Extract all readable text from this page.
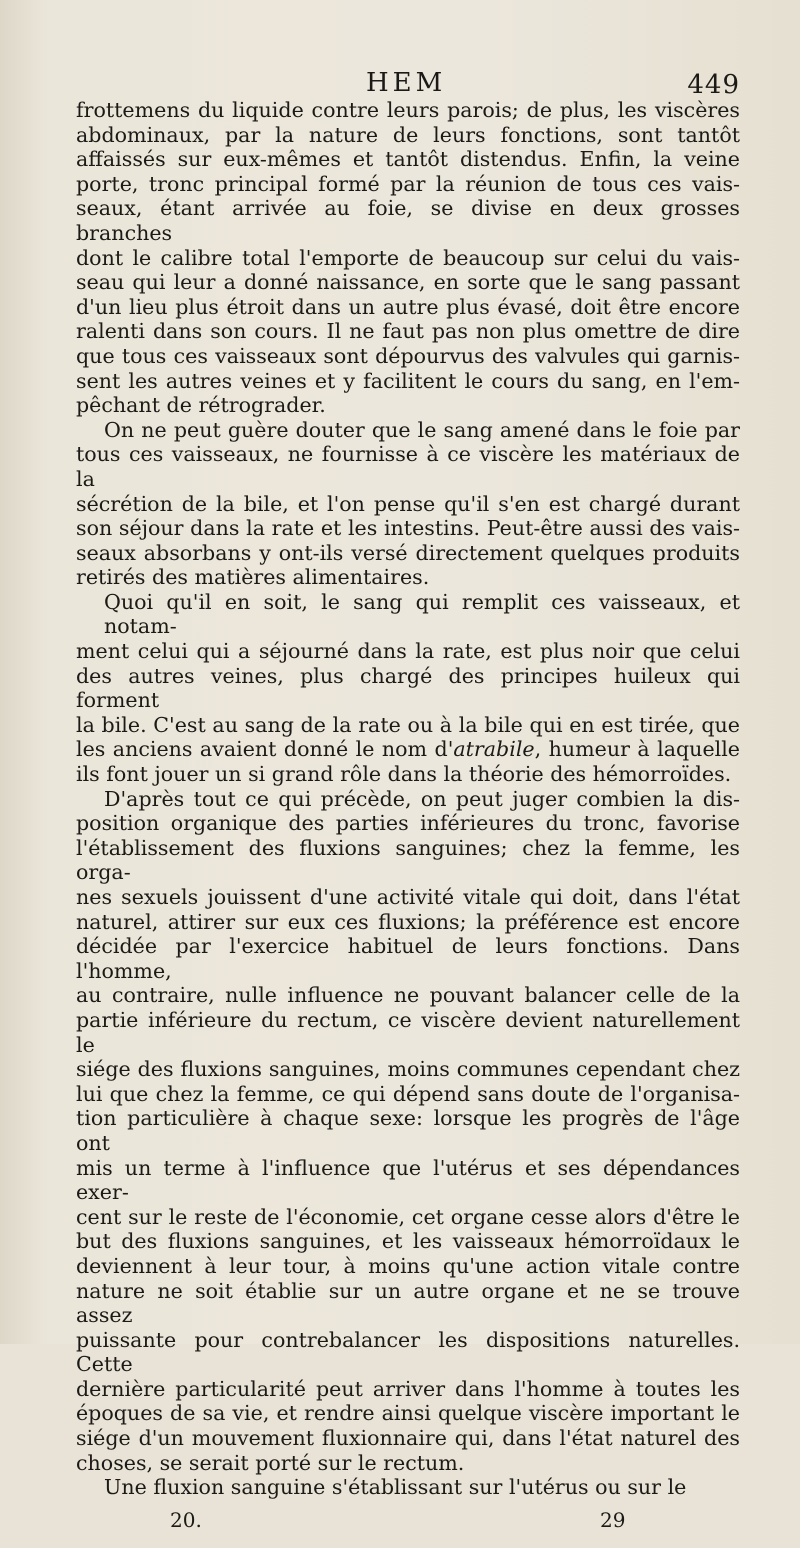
HEM	449
frottemens du liquide contre leurs parois; de plus, les viscères
abdominaux, par la nature de leurs fonctions, sont tantôt
affaissés sur eux-mêmes et tantôt distendus. Enfin, la veine
porte, tronc principal formé par la réunion de tous ces vais-
seaux, étant arrivée au foie, se divise en deux grosses branches
dont le calibre total l'emporte de beaucoup sur celui du vais-
seau qui leur a donné naissance, en sorte que le sang passant
d'un lieu plus étroit dans un autre plus évasé, doit être encore
ralenti dans son cours. Il ne faut pas non plus omettre de dire
que tous ces vaisseaux sont dépourvus des valvules qui garnis-
sent les autres veines et y facilitent le cours du sang, en l'em-
pêchant de rétrograder.
On ne peut guère douter que le sang amené dans le foie par
tous ces vaisseaux, ne fournisse à ce viscère les matériaux de la
sécrétion de la bile, et l'on pense qu'il s'en est chargé durant
son séjour dans la rate et les intestins. Peut-être aussi des vais-
seaux absorbans y ont-ils versé directement quelques produits
retirés des matières alimentaires.
Quoi qu'il en soit, le sang qui remplit ces vaisseaux, et notam-
ment celui qui a séjourné dans la rate, est plus noir que celui
des autres veines, plus chargé des principes huileux qui forment
la bile. C'est au sang de la rate ou à la bile qui en est tirée, que
les anciens avaient donné le nom d'atrabile, humeur à laquelle
ils font jouer un si grand rôle dans la théorie des hémorroïdes.
D'après tout ce qui précède, on peut juger combien la dis-
position organique des parties inférieures du tronc, favorise
l'établissement des fluxions sanguines; chez la femme, les orga-
nes sexuels jouissent d'une activité vitale qui doit, dans l'état
naturel, attirer sur eux ces fluxions; la préférence est encore
décidée par l'exercice habituel de leurs fonctions. Dans l'homme,
au contraire, nulle influence ne pouvant balancer celle de la
partie inférieure du rectum, ce viscère devient naturellement le
siége des fluxions sanguines, moins communes cependant chez
lui que chez la femme, ce qui dépend sans doute de l'organisa-
tion particulière à chaque sexe: lorsque les progrès de l'âge ont
mis un terme à l'influence que l'utérus et ses dépendances exer-
cent sur le reste de l'économie, cet organe cesse alors d'être le
but des fluxions sanguines, et les vaisseaux hémorroïdaux le
deviennent à leur tour, à moins qu'une action vitale contre
nature ne soit établie sur un autre organe et ne se trouve assez
puissante pour contrebalancer les dispositions naturelles. Cette
dernière particularité peut arriver dans l'homme à toutes les
époques de sa vie, et rendre ainsi quelque viscère important le
siége d'un mouvement fluxionnaire qui, dans l'état naturel des
choses, se serait porté sur le rectum.
Une fluxion sanguine s'établissant sur l'utérus ou sur le
20.	29
